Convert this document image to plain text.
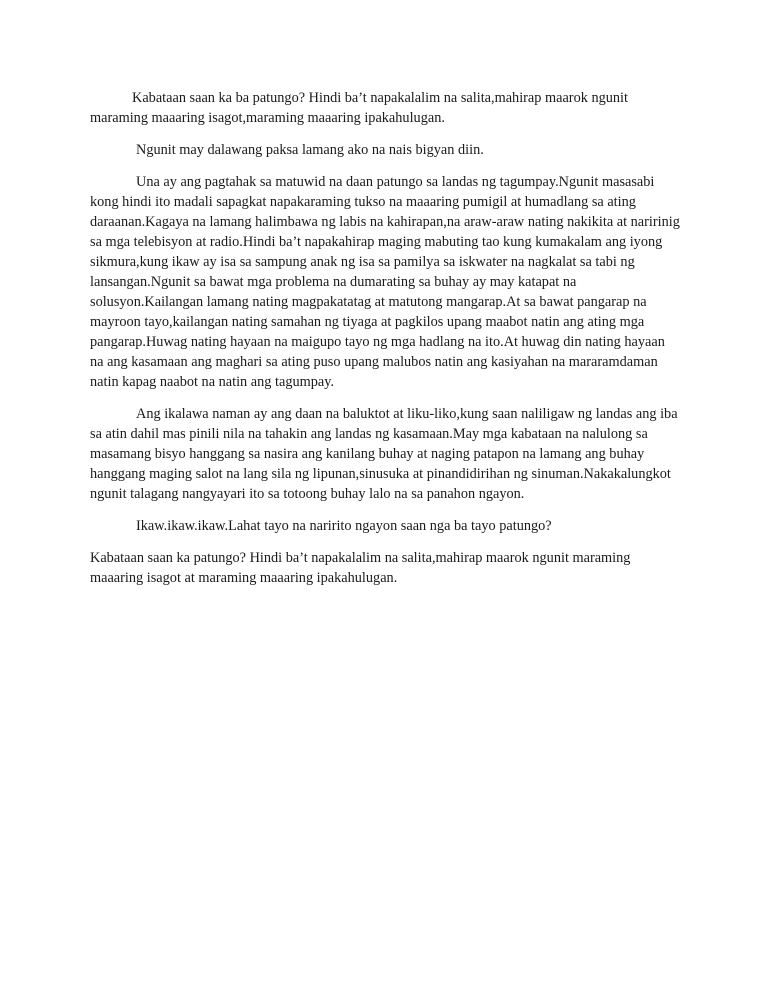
Kabataan saan ka ba patungo? Hindi ba’t napakalalim na salita,mahirap maarok ngunit maraming maaaring isagot,maraming maaaring ipakahulugan.

Ngunit may dalawang paksa lamang ako na nais bigyan diin.

Una ay ang pagtahak sa matuwid na daan patungo sa landas ng tagumpay.Ngunit masasabi kong hindi ito madali sapagkat napakaraming tukso na maaaring pumigil at humadlang sa ating daraanan.Kagaya na lamang halimbawa ng labis na kahirapan,na araw-araw nating nakikita at naririnig sa mga telebisyon at radio.Hindi ba’t napakahirap maging mabuting tao kung kumakalam ang iyong sikmura,kung ikaw ay isa sa sampung anak ng isa sa pamilya sa iskwater na nagkalat sa tabi ng lansangan.Ngunit sa bawat mga problema na dumarating sa buhay ay may katapat na solusyon.Kailangan lamang nating magpakatatag at matutong mangarap.At sa bawat pangarap na mayroon tayo,kailangan nating samahan ng tiyaga at pagkilos upang maabot natin ang ating mga pangarap.Huwag nating hayaan na maigupo tayo ng mga hadlang na ito.At huwag din nating hayaan na ang kasamaan ang maghari sa ating puso upang malubos natin ang kasiyahan na mararamdaman natin kapag naabot na natin ang tagumpay.

Ang ikalawa naman ay ang daan na baluktot at liku-liko,kung saan naliligaw ng landas ang iba sa atin dahil mas pinili nila na tahakin ang landas ng kasamaan.May mga kabataan na nalulong sa masamang bisyo hanggang sa nasira ang kanilang buhay at naging patapon na lamang ang buhay hanggang maging salot na lang sila ng lipunan,sinusuka at pinandidirihan ng sinuman.Nakakalungkot ngunit talagang nangyayari ito sa totoong buhay lalo na sa panahon ngayon.

Ikaw.ikaw.ikaw.Lahat tayo na naririto ngayon saan nga ba tayo patungo?

Kabataan saan ka patungo? Hindi ba’t napakalalim na salita,mahirap maarok ngunit maraming maaaring isagot at maraming maaaring ipakahulugan.
